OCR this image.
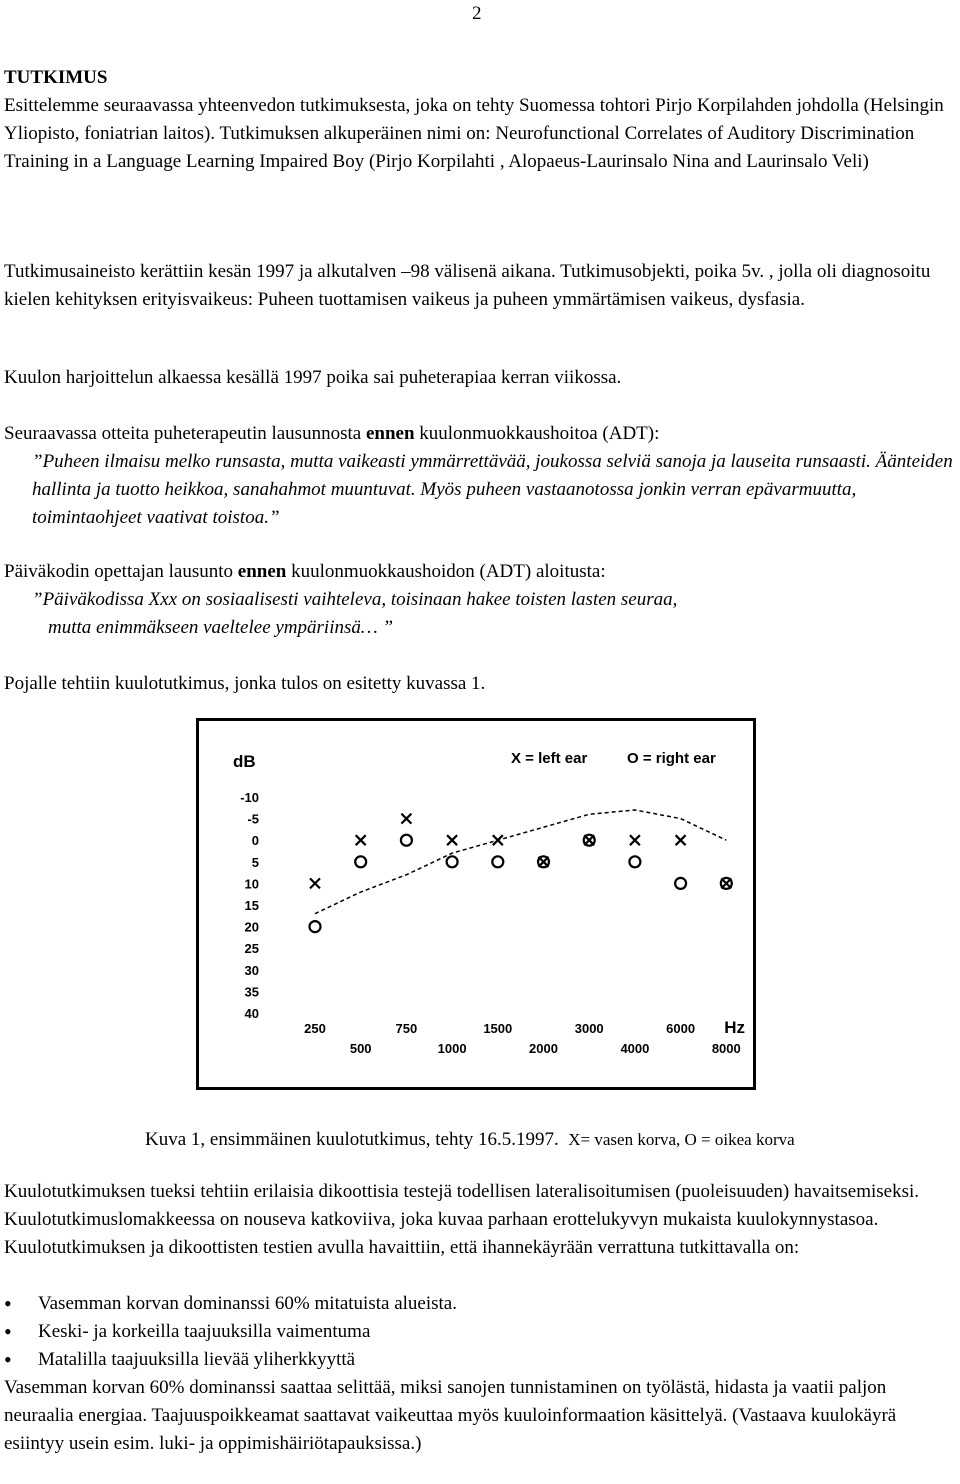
2

TUTKIMUS

Esittelemme seuraavassa yhteenvedon tutkimuksesta, joka on tehty Suomessa tohtori Pirjo Korpilahden johdolla (Helsingin Yliopisto, foniatrian laitos). Tutkimuksen alkuperäinen nimi on: Neurofunctional Correlates of Auditory Discrimination Training in a Language Learning Impaired Boy (Pirjo Korpilahti , Alopaeus-Laurinsalo Nina and Laurinsalo Veli)

Tutkimusaineisto kerättiin kesän 1997 ja alkutalven –98 välisenä aikana. Tutkimusobjekti, poika 5v. , jolla oli diagnosoitu kielen kehityksen erityisvaikeus: Puheen tuottamisen vaikeus ja puheen ymmärtämisen vaikeus, dysfasia.

Kuulon harjoittelun alkaessa kesällä 1997 poika sai puheterapiaa kerran viikossa.

Seuraavassa otteita puheterapeutin lausunnosta ennen kuulonmuokkaushoitoa (ADT):

”Puheen ilmaisu melko runsasta, mutta vaikeasti ymmärrettävää, joukossa selviä sanoja ja lauseita runsaasti. Äänteiden hallinta ja tuotto heikkoa, sanahahmot muuntuvat. Myös puheen vastaanotossa jonkin verran epävarmuutta, toimintaohjeet vaativat toistoa.”

Päiväkodin opettajan lausunto ennen kuulonmuokkaushoidon (ADT) aloitusta:

”Päiväkodissa Xxx on sosiaalisesti vaihteleva, toisinaan hakee toisten lasten seuraa,

mutta enimmäkseen vaeltelee ympäriinsä… ”

Pojalle tehtiin kuulotutkimus, jonka tulos on esitetty kuvassa 1.

dB	X = left ear	O = right ear
Hz
-10
-5
0
5
10
15
20
25
30
35
40
250	750	1500	3000	6000
500	1000	2000	4000	8000
Kuva 1, ensimmäinen kuulotutkimus, tehty 16.5.1997. X= vasen korva, O = oikea korva

Kuulotutkimuksen tueksi tehtiin erilaisia dikoottisia testejä todellisen lateralisoitumisen (puoleisuuden) havaitsemiseksi. Kuulotutkimuslomakkeessa on nouseva katkoviiva, joka kuvaa parhaan erottelukyvyn mukaista kuulokynnystasoa. Kuulotutkimuksen ja dikoottisten testien avulla havaittiin, että ihannekäyrään verrattuna tutkittavalla on:

• Vasemman korvan dominanssi 60% mitatuista alueista.
• Keski- ja korkeilla taajuuksilla vaimentuma
• Matalilla taajuuksilla lievää yliherkkyyttä

Vasemman korvan 60% dominanssi saattaa selittää, miksi sanojen tunnistaminen on työlästä, hidasta ja vaatii paljon neuraalia energiaa. Taajuuspoikkeamat saattavat vaikeuttaa myös kuuloinformaation käsittelyä. (Vastaava kuulokäyrä esiintyy usein esim. luki- ja oppimishäiriötapauksissa.)
